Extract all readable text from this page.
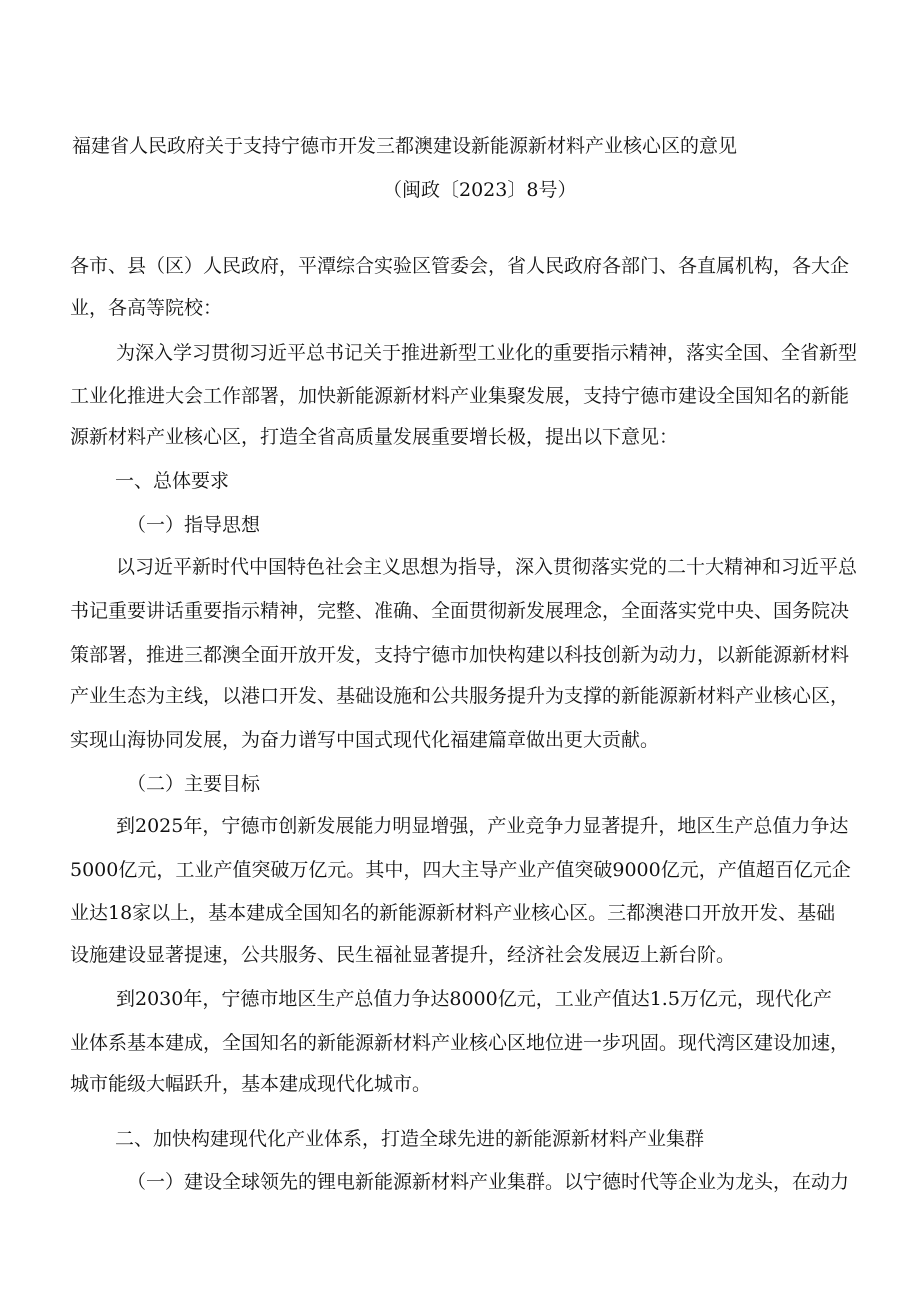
福建省人民政府关于支持宁德市开发三都澳建设新能源新材料产业核心区的意见
（闽政〔2023〕8号）
各市、县（区）人民政府，平潭综合实验区管委会，省人民政府各部门、各直属机构，各大企
业，各高等院校：
为深入学习贯彻习近平总书记关于推进新型工业化的重要指示精神，落实全国、全省新型
工业化推进大会工作部署，加快新能源新材料产业集聚发展，支持宁德市建设全国知名的新能
源新材料产业核心区，打造全省高质量发展重要增长极，提出以下意见：
一、总体要求
（一）指导思想
以习近平新时代中国特色社会主义思想为指导，深入贯彻落实党的二十大精神和习近平总
书记重要讲话重要指示精神，完整、准确、全面贯彻新发展理念，全面落实党中央、国务院决
策部署，推进三都澳全面开放开发，支持宁德市加快构建以科技创新为动力，以新能源新材料
产业生态为主线，以港口开发、基础设施和公共服务提升为支撑的新能源新材料产业核心区，
实现山海协同发展，为奋力谱写中国式现代化福建篇章做出更大贡献。
（二）主要目标
到2025年，宁德市创新发展能力明显增强，产业竞争力显著提升，地区生产总值力争达
5000亿元，工业产值突破万亿元。其中，四大主导产业产值突破9000亿元，产值超百亿元企
业达18家以上，基本建成全国知名的新能源新材料产业核心区。三都澳港口开放开发、基础
设施建设显著提速，公共服务、民生福祉显著提升，经济社会发展迈上新台阶。
到2030年，宁德市地区生产总值力争达8000亿元，工业产值达1.5万亿元，现代化产
业体系基本建成，全国知名的新能源新材料产业核心区地位进一步巩固。现代湾区建设加速，
城市能级大幅跃升，基本建成现代化城市。
二、加快构建现代化产业体系，打造全球先进的新能源新材料产业集群
（一）建设全球领先的锂电新能源新材料产业集群。以宁德时代等企业为龙头，在动力
